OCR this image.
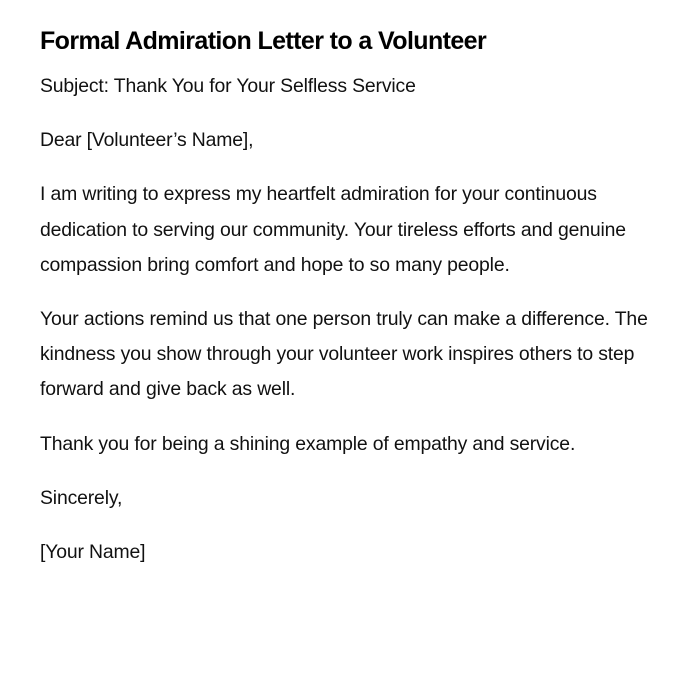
Formal Admiration Letter to a Volunteer

Subject: Thank You for Your Selfless Service

Dear [Volunteer’s Name],

I am writing to express my heartfelt admiration for your continuous dedication to serving our community. Your tireless efforts and genuine compassion bring comfort and hope to so many people.

Your actions remind us that one person truly can make a difference. The kindness you show through your volunteer work inspires others to step forward and give back as well.

Thank you for being a shining example of empathy and service.

Sincerely,

[Your Name]
